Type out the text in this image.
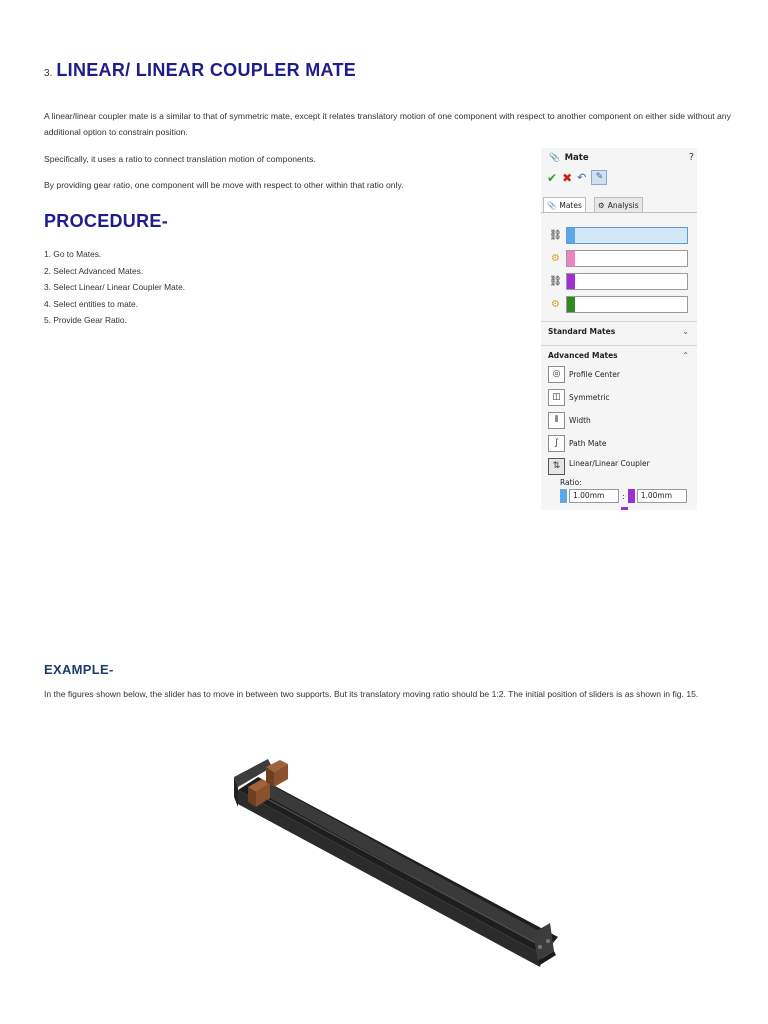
3. LINEAR/ LINEAR COUPLER MATE

A linear/linear coupler mate is a similar to that of symmetric mate, except it relates translatory motion of one component with respect to another component on either side without any additional option to constrain position.

Specifically, it uses a ratio to connect translation motion of components.

By providing gear ratio, one component will be move with respect to other within that ratio only.

PROCEDURE-
1. Go to Mates.
2. Select Advanced Mates.
3. Select Linear/ Linear Coupler Mate.
4. Select entities to mate.
5. Provide Gear Ratio.
📎 Mate	?
✔ ✖ ↶	✎
📎 Mates ⚙ Analysis
⛓
⚙
⛓
⚙
Standard Mates	⌄
Advanced Mates	⌃
◎	Profile Center
◫	Symmetric
⫴	Width
∫	Path Mate
⇅	Linear/Linear Coupler
Ratio:
1.00mm	:	1.00mm
EXAMPLE-

In the figures shown below, the slider has to move in between two supports. But its translatory moving ratio should be 1:2. The initial position of sliders is as shown in fig. 15.
